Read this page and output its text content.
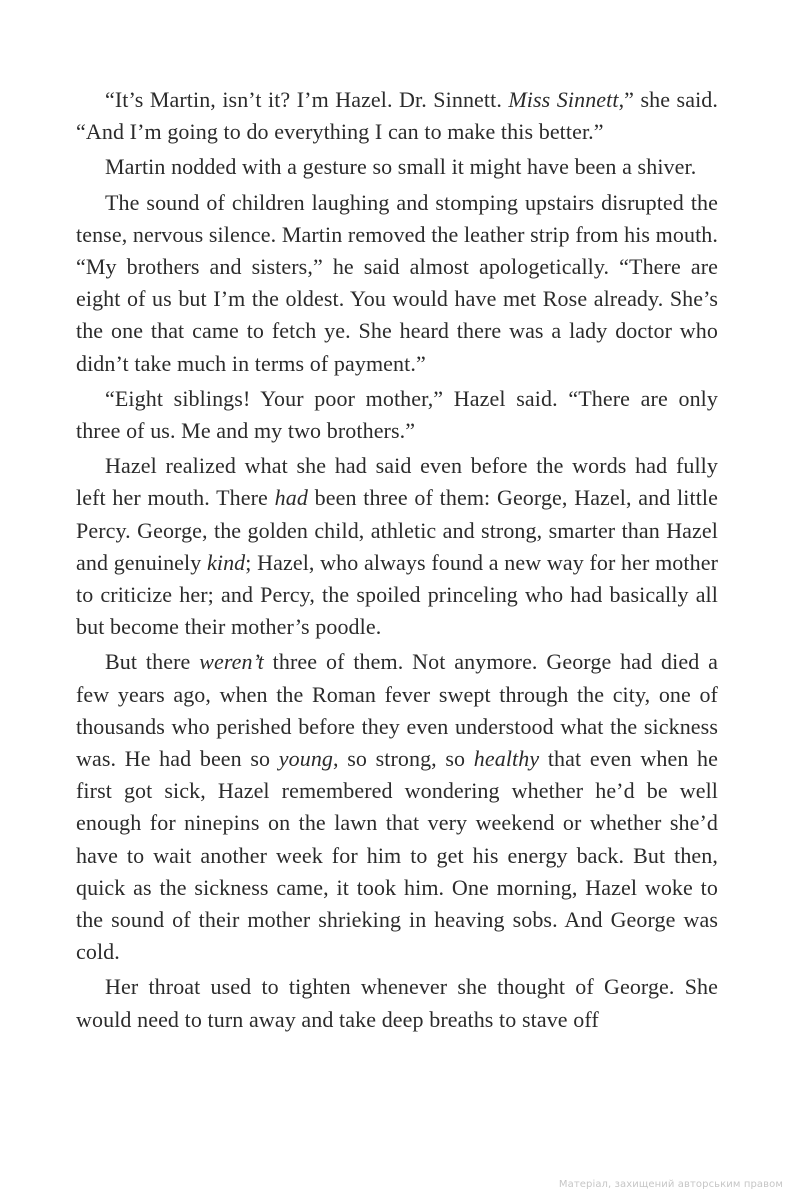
“It’s Martin, isn’t it? I’m Hazel. Dr. Sinnett. Miss Sinnett,” she said. “And I’m going to do everything I can to make this better.”

Martin nodded with a gesture so small it might have been a shiver.

The sound of children laughing and stomping upstairs disrupted the tense, nervous silence. Martin removed the leather strip from his mouth. “My brothers and sisters,” he said almost apologetically. “There are eight of us but I’m the oldest. You would have met Rose already. She’s the one that came to fetch ye. She heard there was a lady doctor who didn’t take much in terms of payment.”

“Eight siblings! Your poor mother,” Hazel said. “There are only three of us. Me and my two brothers.”

Hazel realized what she had said even before the words had fully left her mouth. There had been three of them: George, Hazel, and little Percy. George, the golden child, athletic and strong, smarter than Hazel and genuinely kind; Hazel, who always found a new way for her mother to criticize her; and Percy, the spoiled princeling who had basically all but become their mother’s poodle.

But there weren’t three of them. Not anymore. George had died a few years ago, when the Roman fever swept through the city, one of thousands who perished before they even understood what the sickness was. He had been so young, so strong, so healthy that even when he first got sick, Hazel remembered wondering whether he’d be well enough for ninepins on the lawn that very weekend or whether she’d have to wait another week for him to get his energy back. But then, quick as the sickness came, it took him. One morning, Hazel woke to the sound of their mother shrieking in heaving sobs. And George was cold.

Her throat used to tighten whenever she thought of George. She would need to turn away and take deep breaths to stave off

Матеріал, захищений авторським правом
